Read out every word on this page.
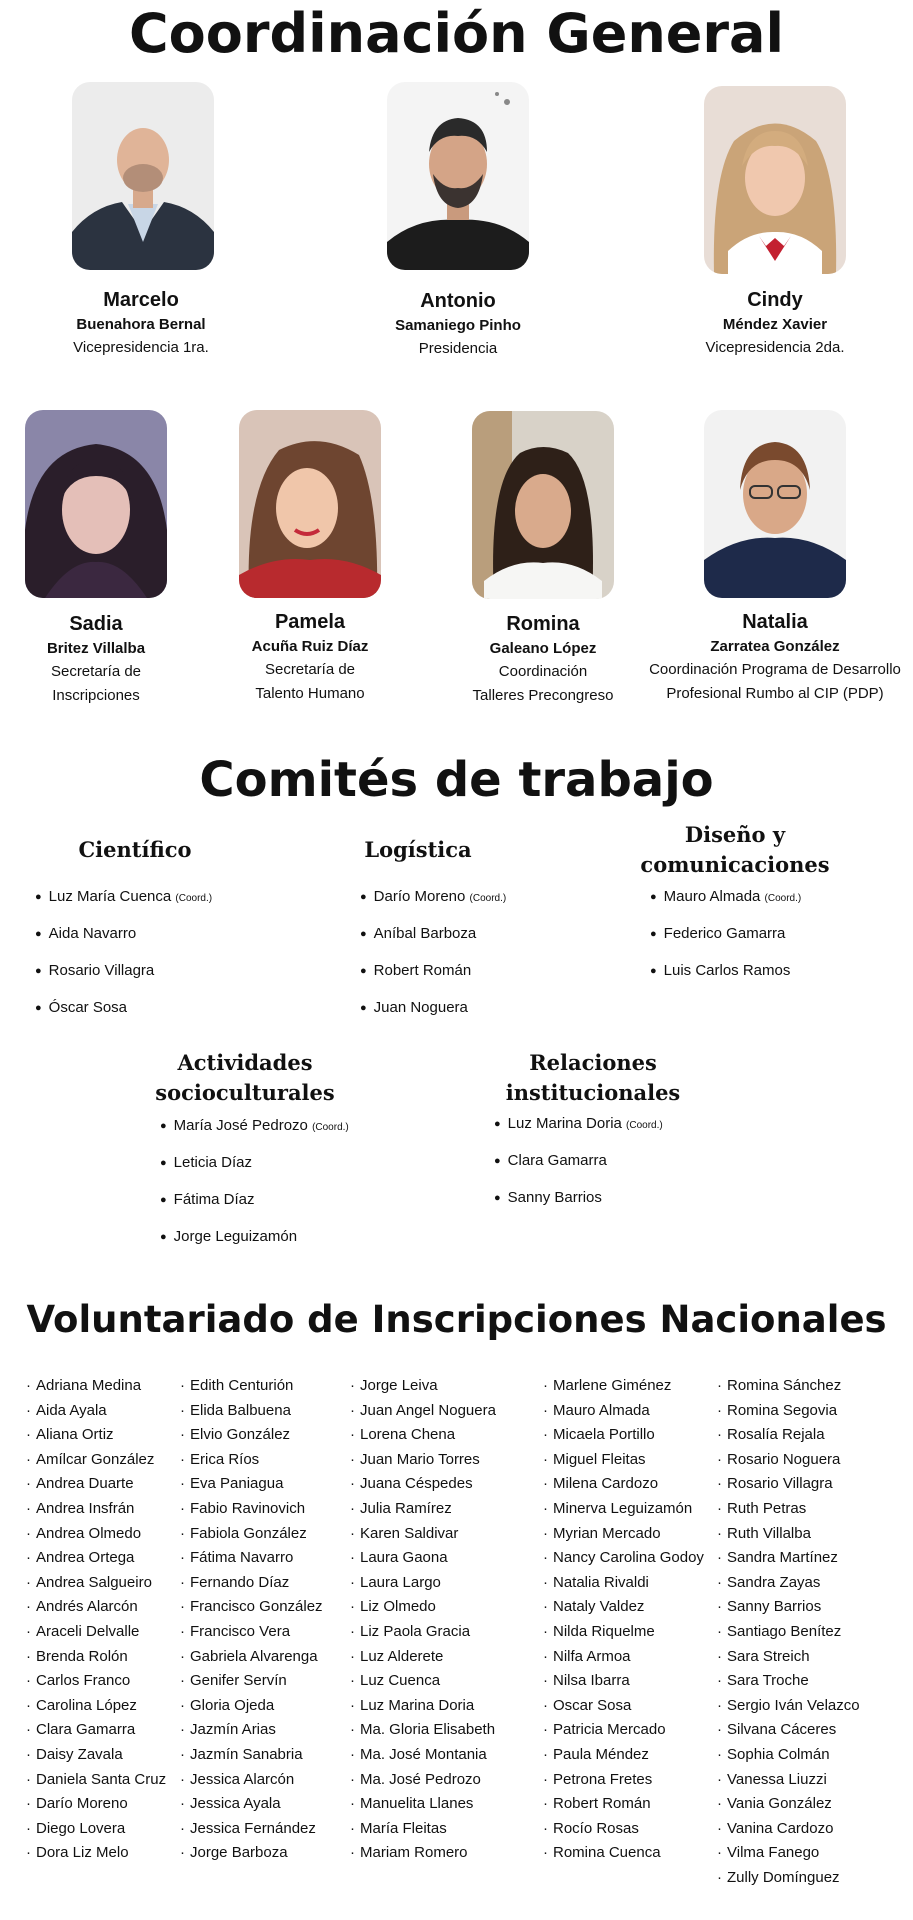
Coordinación General
Marcelo
Buenahora Bernal
Vicepresidencia 1ra.
Antonio
Samaniego Pinho
Presidencia
Cindy
Méndez Xavier
Vicepresidencia 2da.
Sadia
Britez Villalba
Secretaría de
Inscripciones
Pamela
Acuña Ruiz Díaz
Secretaría de
Talento Humano
Romina
Galeano López
Coordinación
Talleres Precongreso
Natalia
Zarratea González
Coordinación Programa de Desarrollo
Profesional Rumbo al CIP (PDP)
Comités de trabajo
Científico
● Luz María Cuenca (Coord.)
● Aida Navarro
● Rosario Villagra
● Óscar Sosa
Logística
● Darío Moreno (Coord.)
● Aníbal Barboza
● Robert Román
● Juan Noguera
Diseño y
comunicaciones
● Mauro Almada (Coord.)
● Federico Gamarra
● Luis Carlos Ramos
Actividades
socioculturales
● María José Pedrozo (Coord.)
● Leticia Díaz
● Fátima Díaz
● Jorge Leguizamón
Relaciones
institucionales
● Luz Marina Doria (Coord.)
● Clara Gamarra
● Sanny Barrios
Voluntariado de Inscripciones Nacionales
· Adriana Medina
· Aida Ayala
· Aliana Ortiz
· Amílcar González
· Andrea Duarte
· Andrea Insfrán
· Andrea Olmedo
· Andrea Ortega
· Andrea Salgueiro
· Andrés Alarcón
· Araceli Delvalle
· Brenda Rolón
· Carlos Franco
· Carolina López
· Clara Gamarra
· Daisy Zavala
· Daniela Santa Cruz
· Darío Moreno
· Diego Lovera
· Dora Liz Melo
· Edith Centurión
· Elida Balbuena
· Elvio González
· Erica Ríos
· Eva Paniagua
· Fabio Ravinovich
· Fabiola González
· Fátima Navarro
· Fernando Díaz
· Francisco González
· Francisco Vera
· Gabriela Alvarenga
· Genifer Servín
· Gloria Ojeda
· Jazmín Arias
· Jazmín Sanabria
· Jessica Alarcón
· Jessica Ayala
· Jessica Fernández
· Jorge Barboza
· Jorge Leiva
· Juan Angel Noguera
· Lorena Chena
· Juan Mario Torres
· Juana Céspedes
· Julia Ramírez
· Karen Saldivar
· Laura Gaona
· Laura Largo
· Liz Olmedo
· Liz Paola Gracia
· Luz Alderete
· Luz Cuenca
· Luz Marina Doria
· Ma. Gloria Elisabeth
· Ma. José Montania
· Ma. José Pedrozo
· Manuelita Llanes
· María Fleitas
· Mariam Romero
· Marlene Giménez
· Mauro Almada
· Micaela Portillo
· Miguel Fleitas
· Milena Cardozo
· Minerva Leguizamón
· Myrian Mercado
· Nancy Carolina Godoy
· Natalia Rivaldi
· Nataly Valdez
· Nilda Riquelme
· Nilfa Armoa
· Nilsa Ibarra
· Oscar Sosa
· Patricia Mercado
· Paula Méndez
· Petrona Fretes
· Robert Román
· Rocío Rosas
· Romina Cuenca
· Romina Sánchez
· Romina Segovia
· Rosalía Rejala
· Rosario Noguera
· Rosario Villagra
· Ruth Petras
· Ruth Villalba
· Sandra Martínez
· Sandra Zayas
· Sanny Barrios
· Santiago Benítez
· Sara Streich
· Sara Troche
· Sergio Iván Velazco
· Silvana Cáceres
· Sophia Colmán
· Vanessa Liuzzi
· Vania González
· Vanina Cardozo
· Vilma Fanego
· Zully Domínguez
